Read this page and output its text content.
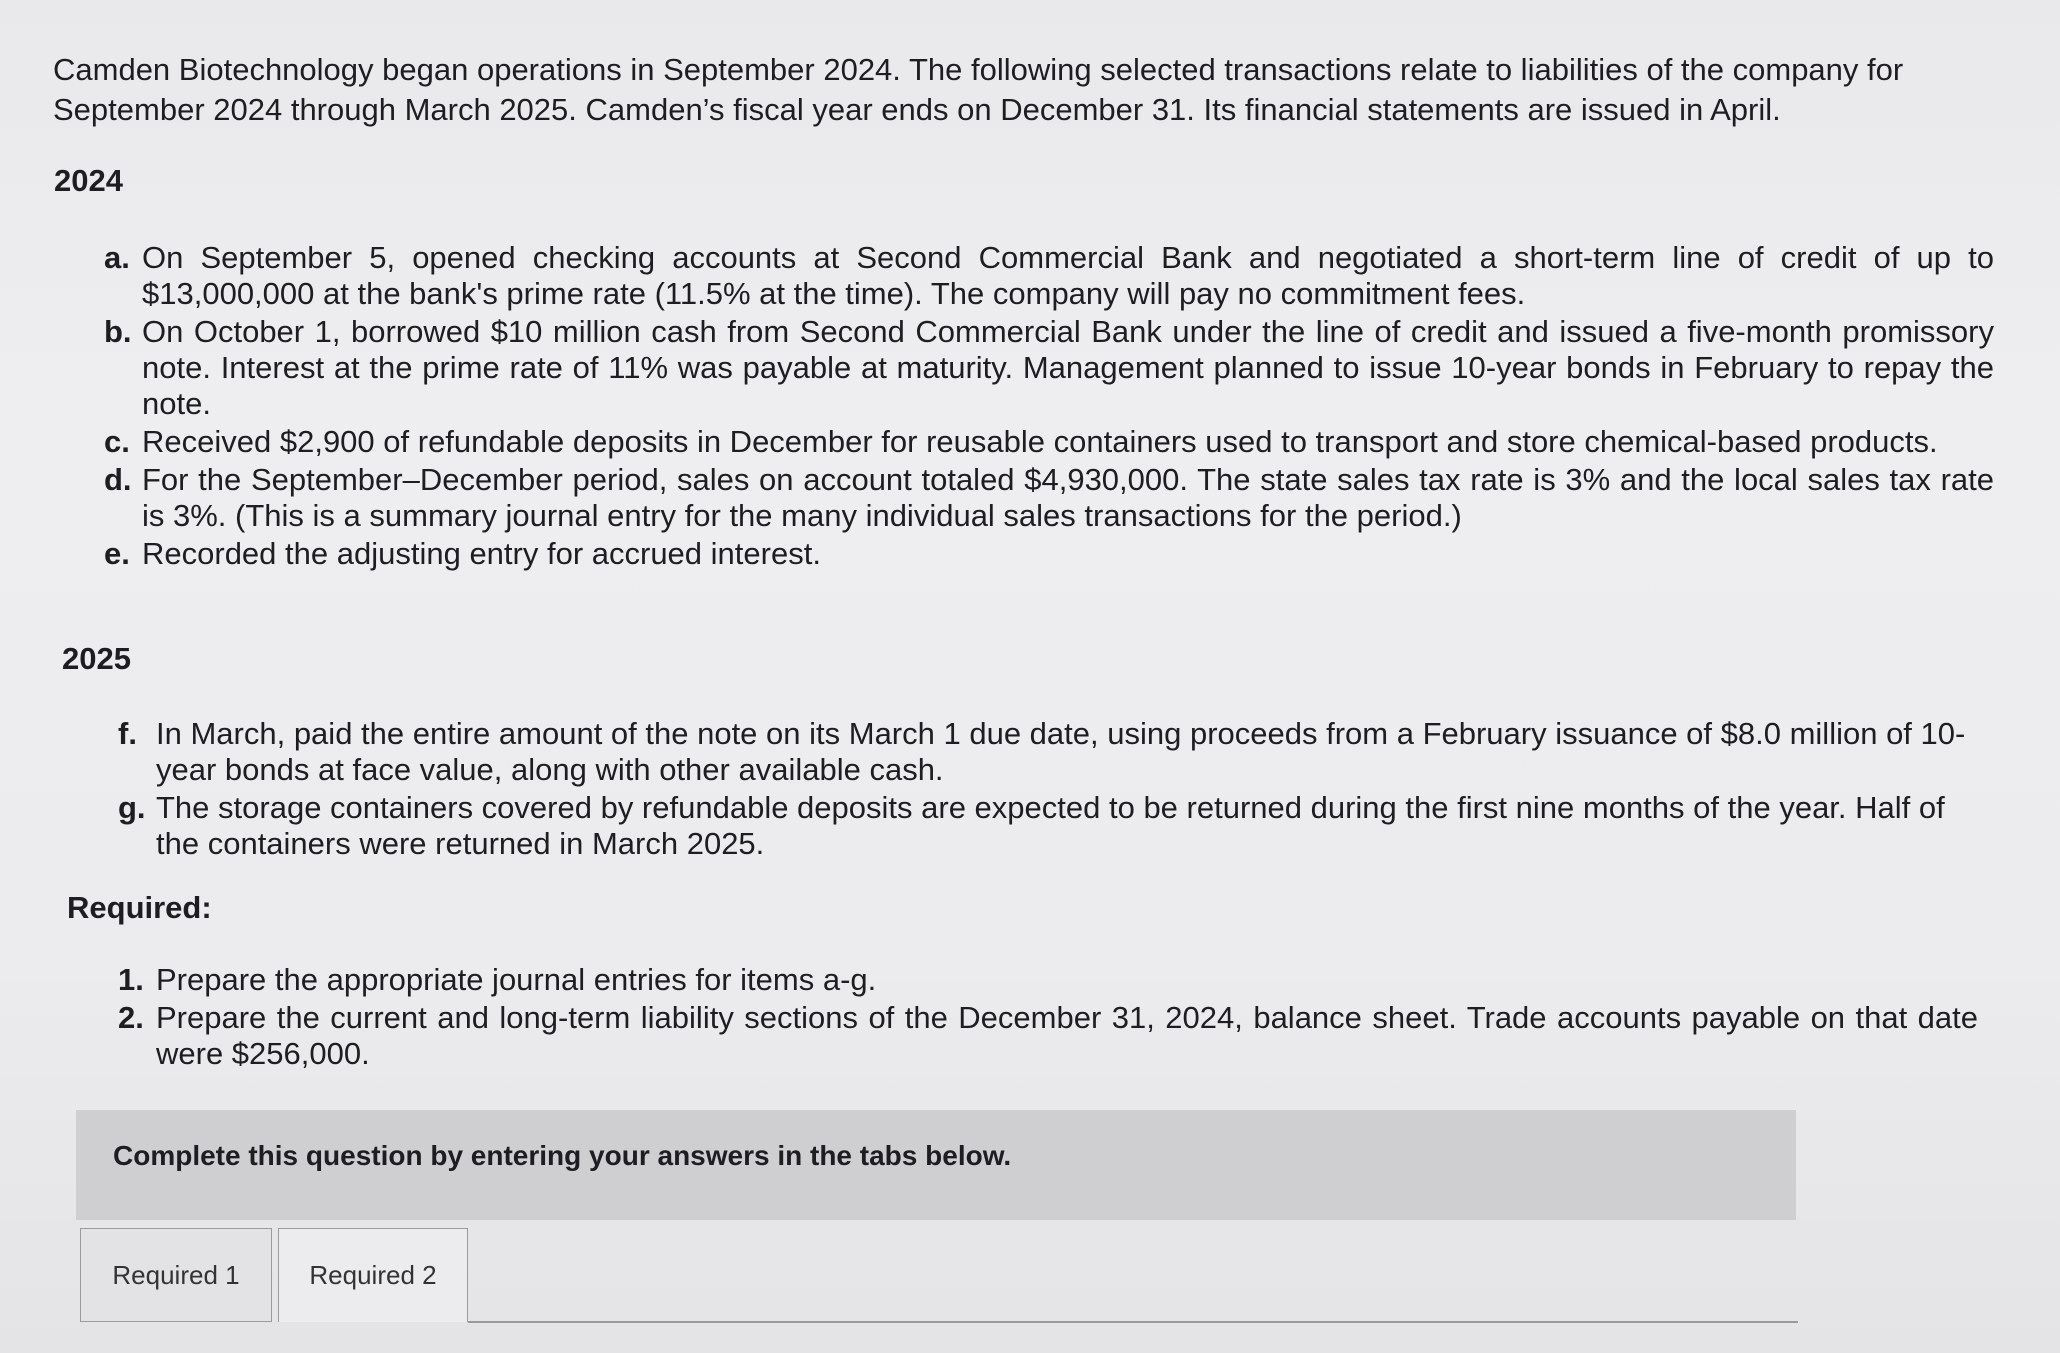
Camden Biotechnology began operations in September 2024. The following selected transactions relate to liabilities of the company for September 2024 through March 2025. Camden’s fiscal year ends on December 31. Its financial statements are issued in April.

2024

a. On September 5, opened checking accounts at Second Commercial Bank and negotiated a short-term line of credit of up to $13,000,000 at the bank's prime rate (11.5% at the time). The company will pay no commitment fees.
b. On October 1, borrowed $10 million cash from Second Commercial Bank under the line of credit and issued a five-month promissory note. Interest at the prime rate of 11% was payable at maturity. Management planned to issue 10-year bonds in February to repay the note.
c. Received $2,900 of refundable deposits in December for reusable containers used to transport and store chemical-based products.
d. For the September–December period, sales on account totaled $4,930,000. The state sales tax rate is 3% and the local sales tax rate is 3%. (This is a summary journal entry for the many individual sales transactions for the period.)
e. Recorded the adjusting entry for accrued interest.

2025

f. In March, paid the entire amount of the note on its March 1 due date, using proceeds from a February issuance of $8.0 million of 10-year bonds at face value, along with other available cash.
g. The storage containers covered by refundable deposits are expected to be returned during the first nine months of the year. Half of the containers were returned in March 2025.

Required:

1. Prepare the appropriate journal entries for items a-g.
2. Prepare the current and long-term liability sections of the December 31, 2024, balance sheet. Trade accounts payable on that date were $256,000.
Complete this question by entering your answers in the tabs below.
Required 1	Required 2
